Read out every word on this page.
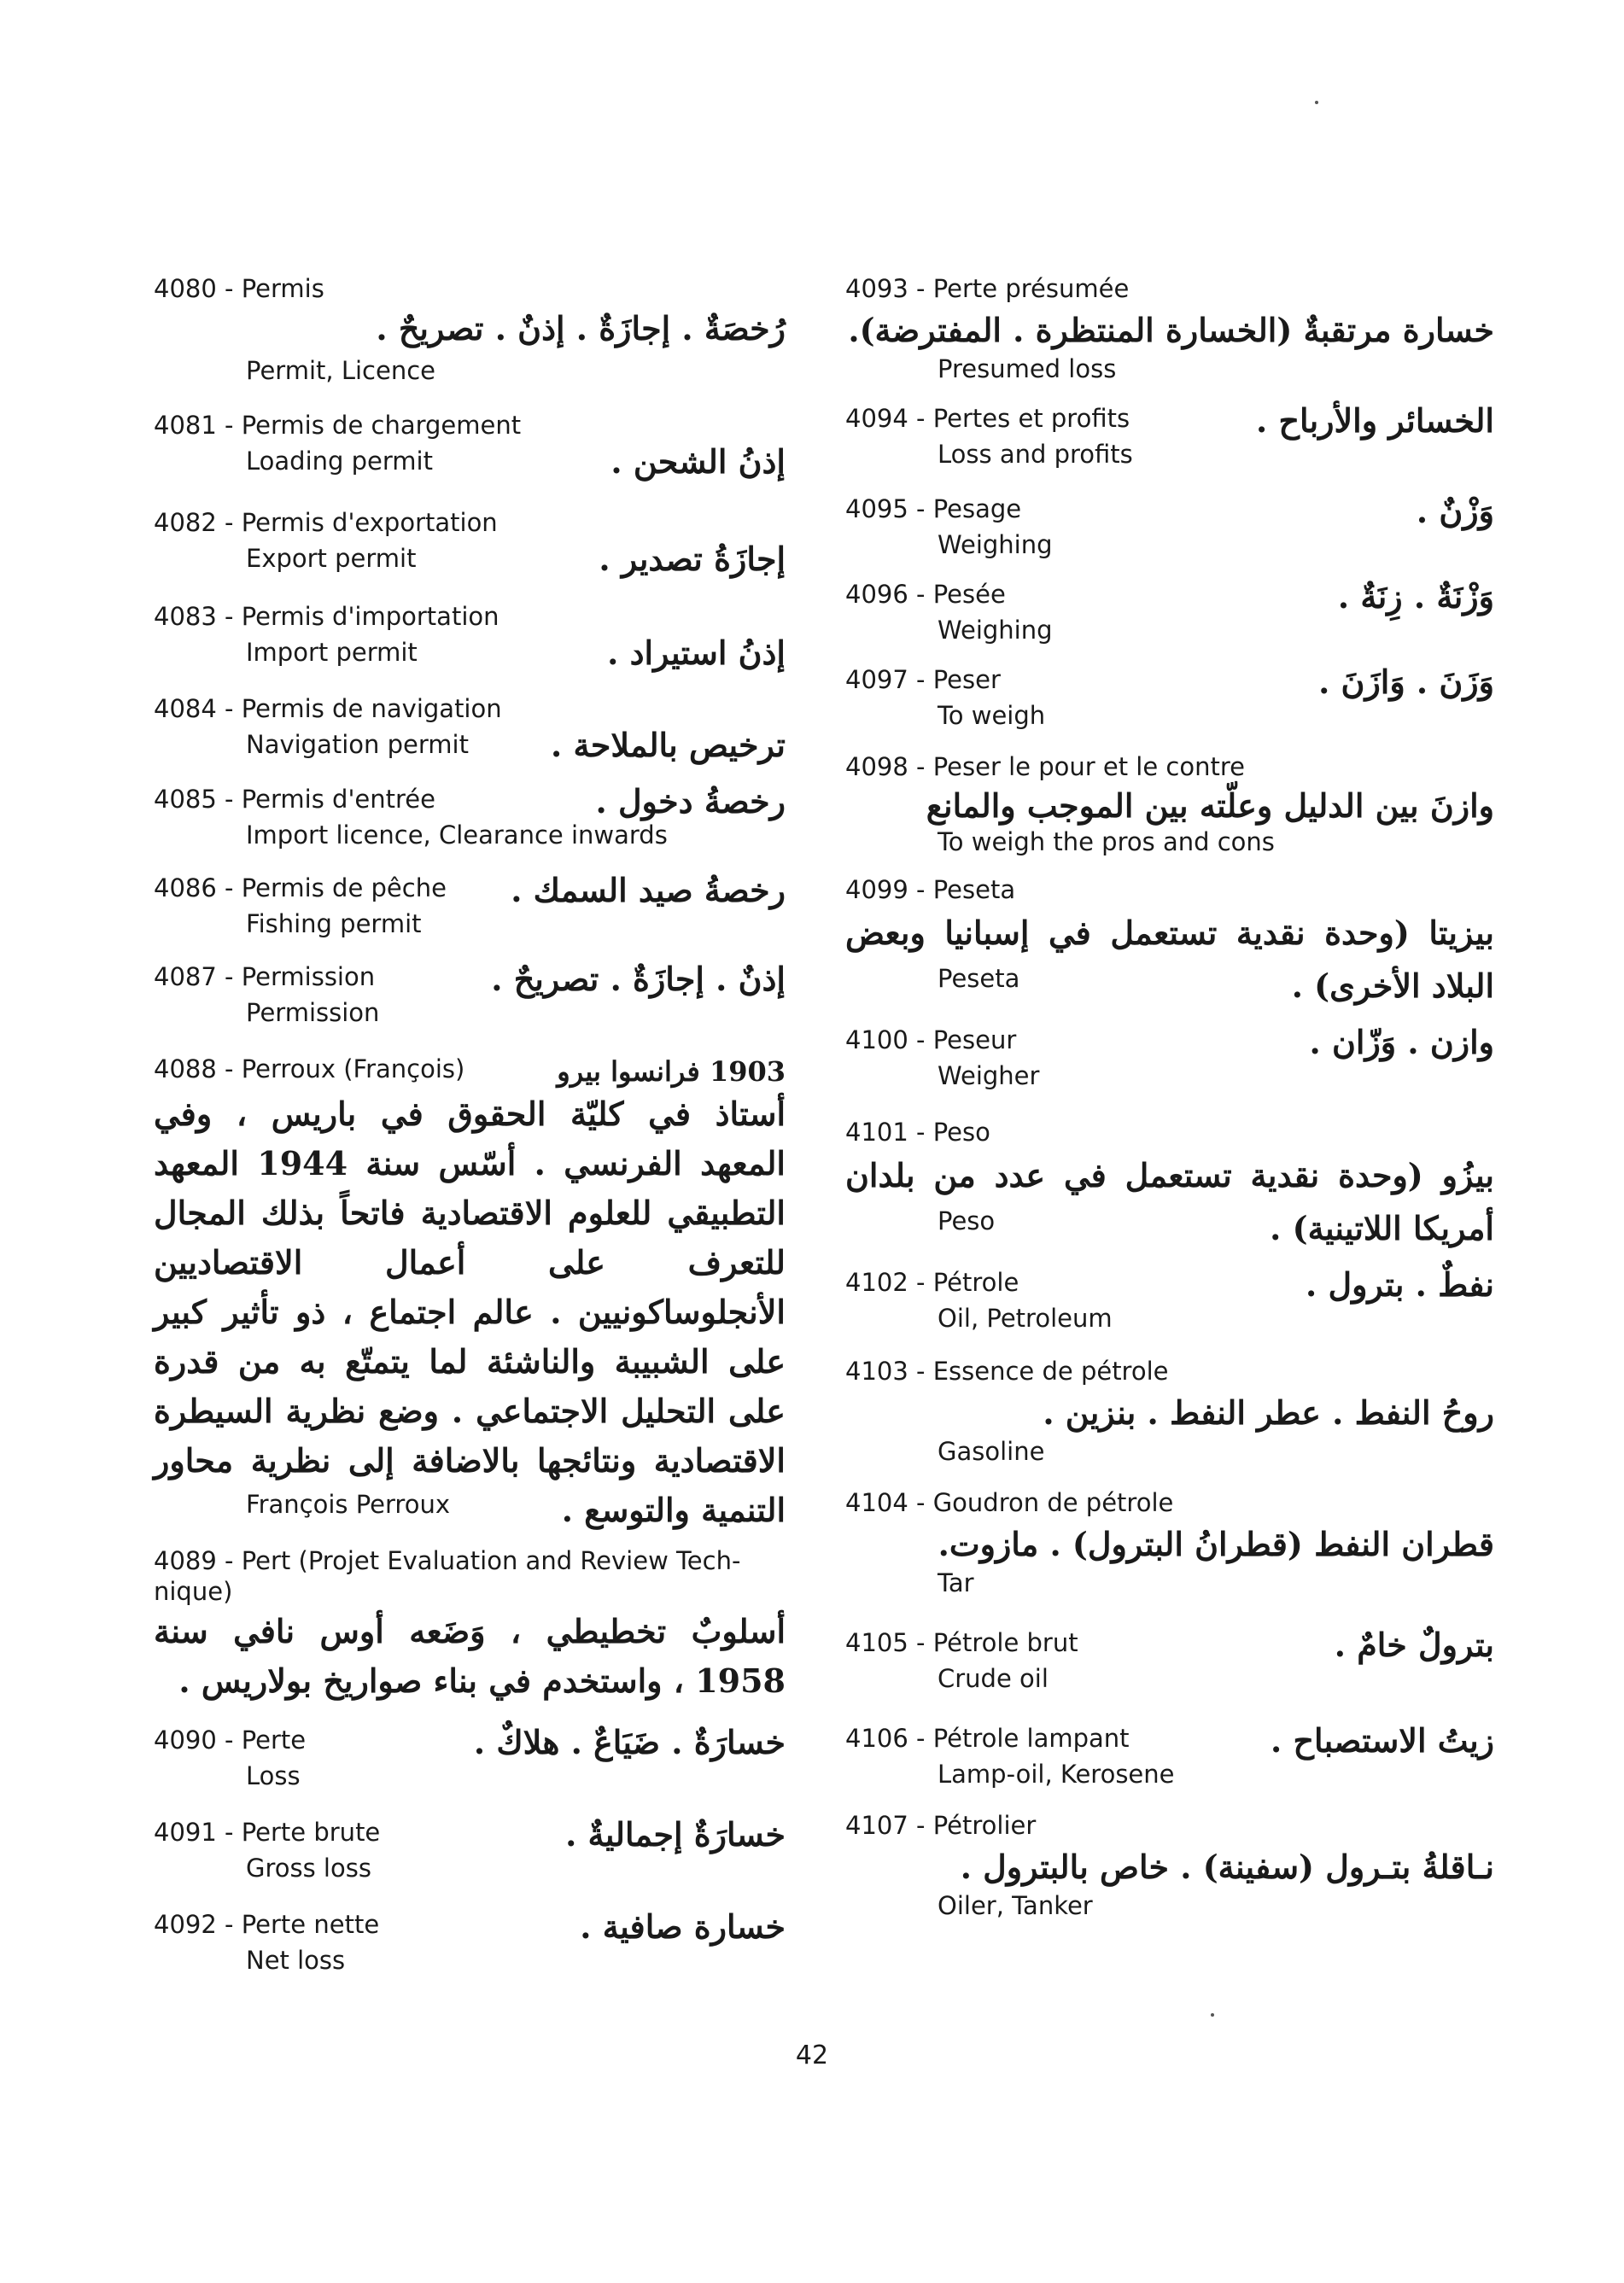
4080 - Permis
رُخصَةٌ . إجازَةٌ . إذنٌ . تصريحٌ .
Permit, Licence
4081 - Permis de chargement
Loading permit	إذنُ الشحن .
4082 - Permis d'exportation
Export permit	إجازَةُ تصدير .
4083 - Permis d'importation
Import permit	إذنُ استيراد .
4084 - Permis de navigation
Navigation permit	ترخيص بالملاحة .
4085 - Permis d'entrée	رخصةُ دخول .
Import licence, Clearance inwards
4086 - Permis de pêche رخصةُ صيد السمك .
Fishing permit
4087 - Permission	إذنٌ . إجازَةٌ . تصريحٌ .
Permission
4088 - Perroux (François)	1903 فرانسوا بيرو
أستاذ في كليّة الحقوق في باريس ، وفي المعهد الفرنسي . أسّس سنة 1944 المعهد التطبيقي للعلوم الاقتصادية فاتحاً بذلك المجال للتعرف على أعمال الاقتصاديين الأنجلوساكونيين . عالم اجتماع ، ذو تأثير كبير على الشبيبة والناشئة لما يتمتّع به من قدرة على التحليل الاجتماعي . وضع نظرية السيطرة الاقتصادية ونتائجها بالاضافة إلى نظرية محاور التنمية والتوسع .
François Perroux
4089 - Pert (Projet Evaluation and Review Tech-nique)
أسلوبٌ تخطيطي ، وَضَعه أوس نافي سنة 1958 ، واستخدم في بناء صواريخ بولاريس .
4090 - Perte	خسارَةٌ . ضَيَاعٌ . هلاكٌ .
Loss
4091 - Perte brute	خسارَةٌ إجماليةٌ .
Gross loss
4092 - Perte nette	خسارة صافية .
Net loss
4093 - Perte présumée
خسارة مرتقبةٌ (الخسارة المنتظرة . المفترضة).
Presumed loss
4094 - Pertes et profits	الخسائر والأرباح .
Loss and profits
4095 - Pesage	وَزْنٌ .
Weighing
4096 - Pesée	وَزْنَةٌ . زِنَةٌ .
Weighing
4097 - Peser	وَزَنَ . وَازَنَ .
To weigh
4098 - Peser le pour et le contre
وازنَ بين الدليل وعلّته بين الموجب والمانع
To weigh the pros and cons
4099 - Peseta
بيزيتا (وحدة نقدية تستعمل في إسبانيا وبعض البلاد الأخرى) .
Peseta
4100 - Peseur	وازن . وَزّان .
Weigher
4101 - Peso
بيزُو (وحدة نقدية تستعمل في عدد من بلدان أمريكا اللاتينية) .
Peso
4102 - Pétrole	نفطٌ . بترول .
Oil, Petroleum
4103 - Essence de pétrole
روحُ النفط . عطر النفط . بنزين .
Gasoline
4104 - Goudron de pétrole
قطران النفط (قطرانُ البترول) . مازوت.
Tar
4105 - Pétrole brut	بترولٌ خامٌ .
Crude oil
4106 - Pétrole lampant	زيتُ الاستصباح .
Lamp-oil, Kerosene
4107 - Pétrolier
نـاقلةُ بتـرول (سفينة) . خاص بالبترول .
Oiler, Tanker
42
